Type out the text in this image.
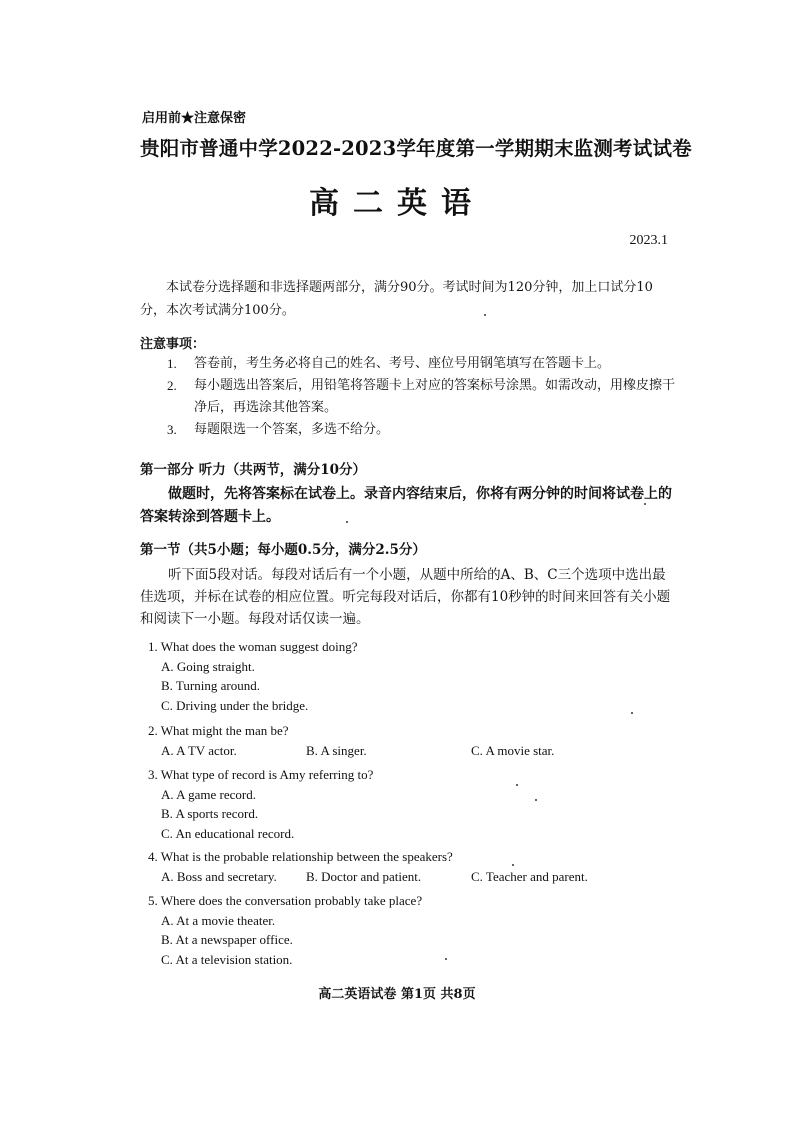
启用前★注意保密
贵阳市普通中学2022-2023学年度第一学期期末监测考试试卷
高二英语
2023.1
本试卷分选择题和非选择题两部分，满分90分。考试时间为120分钟，加上口试分10分，本次考试满分100分。
注意事项：
1.	答卷前，考生务必将自己的姓名、考号、座位号用钢笔填写在答题卡上。
2.	每小题选出答案后，用铅笔将答题卡上对应的答案标号涂黑。如需改动，用橡皮擦干净后，再选涂其他答案。
3.	每题限选一个答案，多选不给分。
第一部分 听力（共两节，满分10分）
做题时，先将答案标在试卷上。录音内容结束后，你将有两分钟的时间将试卷上的答案转涂到答题卡上。
第一节（共5小题；每小题0.5分，满分2.5分）
听下面5段对话。每段对话后有一个小题，从题中所给的A、B、C三个选项中选出最佳选项，并标在试卷的相应位置。听完每段对话后，你都有10秒钟的时间来回答有关小题和阅读下一小题。每段对话仅读一遍。
1. What does the woman suggest doing?
A. Going straight.
B. Turning around.
C. Driving under the bridge.
2. What might the man be?
A. A TV actor.	B. A singer.	C. A movie star.
3. What type of record is Amy referring to?
A. A game record.
B. A sports record.
C. An educational record.
4. What is the probable relationship between the speakers?
A. Boss and secretary.	B. Doctor and patient.	C. Teacher and parent.
5. Where does the conversation probably take place?
A. At a movie theater.
B. At a newspaper office.
C. At a television station.
高二英语试卷 第1页 共8页
